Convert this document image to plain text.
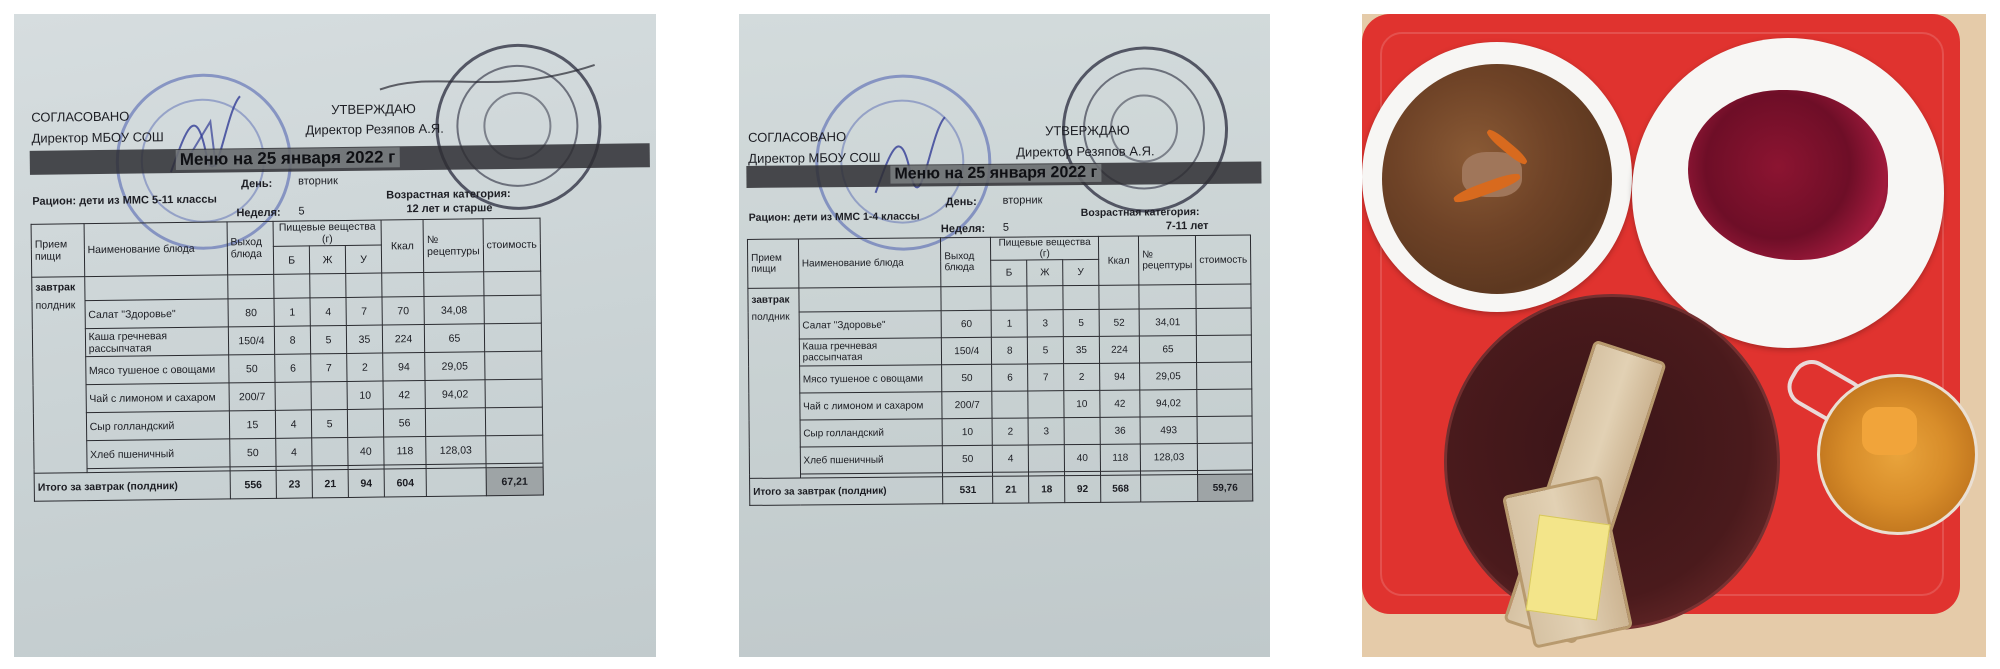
СОГЛАСОВАНО	УТВЕРЖДАЮ
Директор МБОУ СОШ
Директор Резяпов А.Я.
Меню на 25 января 2022 г
День: вторник
Рацион: дети из МMC 5-11 классы	Возрастная категория:
Неделя: 5	12 лет и старше
Прием пищи	Наименование блюда	Выход блюда	Пищевые вещества (г)			Ккал	№ рецептуры	стоимость
			Б	Ж	У			

завтрак
полдник								

	Салат "Здоровье"	80	1	4	7	70	34,08	
	Каша гречневая рассыпчатая	150/4	8	5	35	224	65	
	Мясо тушеное с овощами	50	6	7	2	94	29,05	
	Чай с лимоном и сахаром	200/7			10	42	94,02	
	Сыр голландский	15	4	5		56		
	Хлеб пшеничный	50	4		40	118	128,03	

Итого за завтрак (полдник)		556	23	21	94	604		67,21
СОГЛАСОВАНО	УТВЕРЖДАЮ
Директор МБОУ СОШ	Директор Резяпов А.Я.
Меню на 25 января 2022 г
День: вторник
Рацион: дети из МMC 1-4 классы	Возрастная категория:
Неделя: 5	7-11 лет
Прием пищи	Наименование блюда	Выход блюда	Пищевые вещества (г)			Ккал	№ рецептуры	стоимость
			Б	Ж	У			

завтрак
полдник								

	Салат "Здоровье"	60	1	3	5	52	34,01	
	Каша гречневая рассыпчатая	150/4	8	5	35	224	65	
	Мясо тушеное с овощами	50	6	7	2	94	29,05	
	Чай с лимоном и сахаром	200/7			10	42	94,02	
	Сыр голландский	10	2	3		36	493	
	Хлеб пшеничный	50	4		40	118	128,03	

Итого за завтрак (полдник)		531	21	18	92	568		59,76
